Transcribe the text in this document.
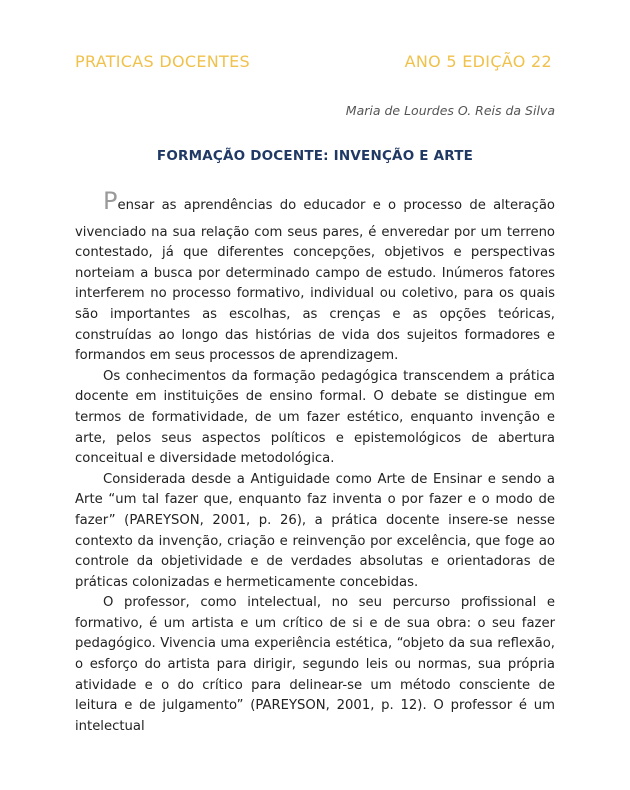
PRATICAS DOCENTES	ANO 5 EDIÇÃO 22
Maria de Lourdes O. Reis da Silva
FORMAÇÃO DOCENTE: INVENÇÃO E ARTE
P ensar as aprendências do educador e o processo de alteração

vivenciado na sua relação com seus pares, é enveredar por um terreno contestado, já que diferentes concepções, objetivos e perspectivas norteiam a busca por determinado campo de estudo. Inúmeros fatores interferem no processo formativo, individual ou coletivo, para os quais são importantes as escolhas, as crenças e as opções teóricas, construídas ao longo das histórias de vida dos sujeitos formadores e formandos em seus processos de aprendizagem.

Os conhecimentos da formação pedagógica transcendem a prática docente em instituições de ensino formal. O debate se distingue em termos de formatividade, de um fazer estético, enquanto invenção e arte, pelos seus aspectos políticos e epistemológicos de abertura conceitual e diversidade metodológica.

Considerada desde a Antiguidade como Arte de Ensinar e sendo a Arte “um tal fazer que, enquanto faz inventa o por fazer e o modo de fazer” (PAREYSON, 2001, p. 26), a prática docente insere-se nesse contexto da invenção, criação e reinvenção por excelência, que foge ao controle da objetividade e de verdades absolutas e orientadoras de práticas colonizadas e hermeticamente concebidas.

O professor, como intelectual, no seu percurso profissional e formativo, é um artista e um crítico de si e de sua obra: o seu fazer pedagógico. Vivencia uma experiência estética, “objeto da sua reflexão, o esforço do artista para dirigir, segundo leis ou normas, sua própria atividade e o do crítico para delinear-se um método consciente de leitura e de julgamento” (PAREYSON, 2001, p. 12). O professor é um intelectual
